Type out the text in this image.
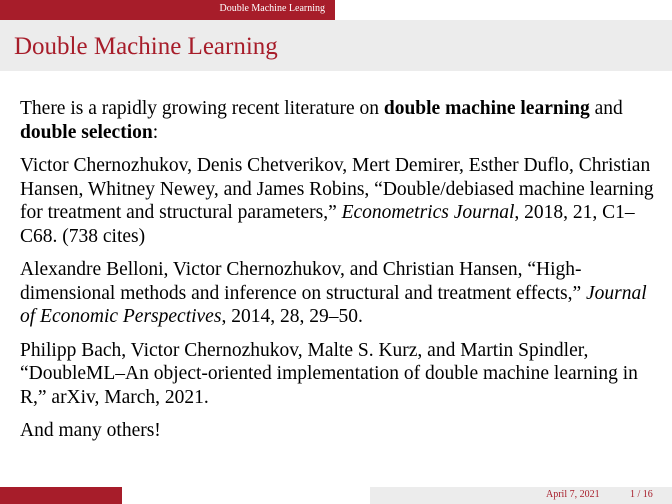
Double Machine Learning
Double Machine Learning

There is a rapidly growing recent literature on double machine learning and double selection:

Victor Chernozhukov, Denis Chetverikov, Mert Demirer, Esther Duflo, Christian Hansen, Whitney Newey, and James Robins, “Double/debiased machine learning for treatment and structural parameters,” Econometrics Journal, 2018, 21, C1–C68. (738 cites)

Alexandre Belloni, Victor Chernozhukov, and Christian Hansen, “High-dimensional methods and inference on structural and treatment effects,” Journal of Economic Perspectives, 2014, 28, 29–50.

Philipp Bach, Victor Chernozhukov, Malte S. Kurz, and Martin Spindler, “DoubleML–An object-oriented implementation of double machine learning in R,” arXiv, March, 2021.

And many others!

April 7, 2021	1 / 16
